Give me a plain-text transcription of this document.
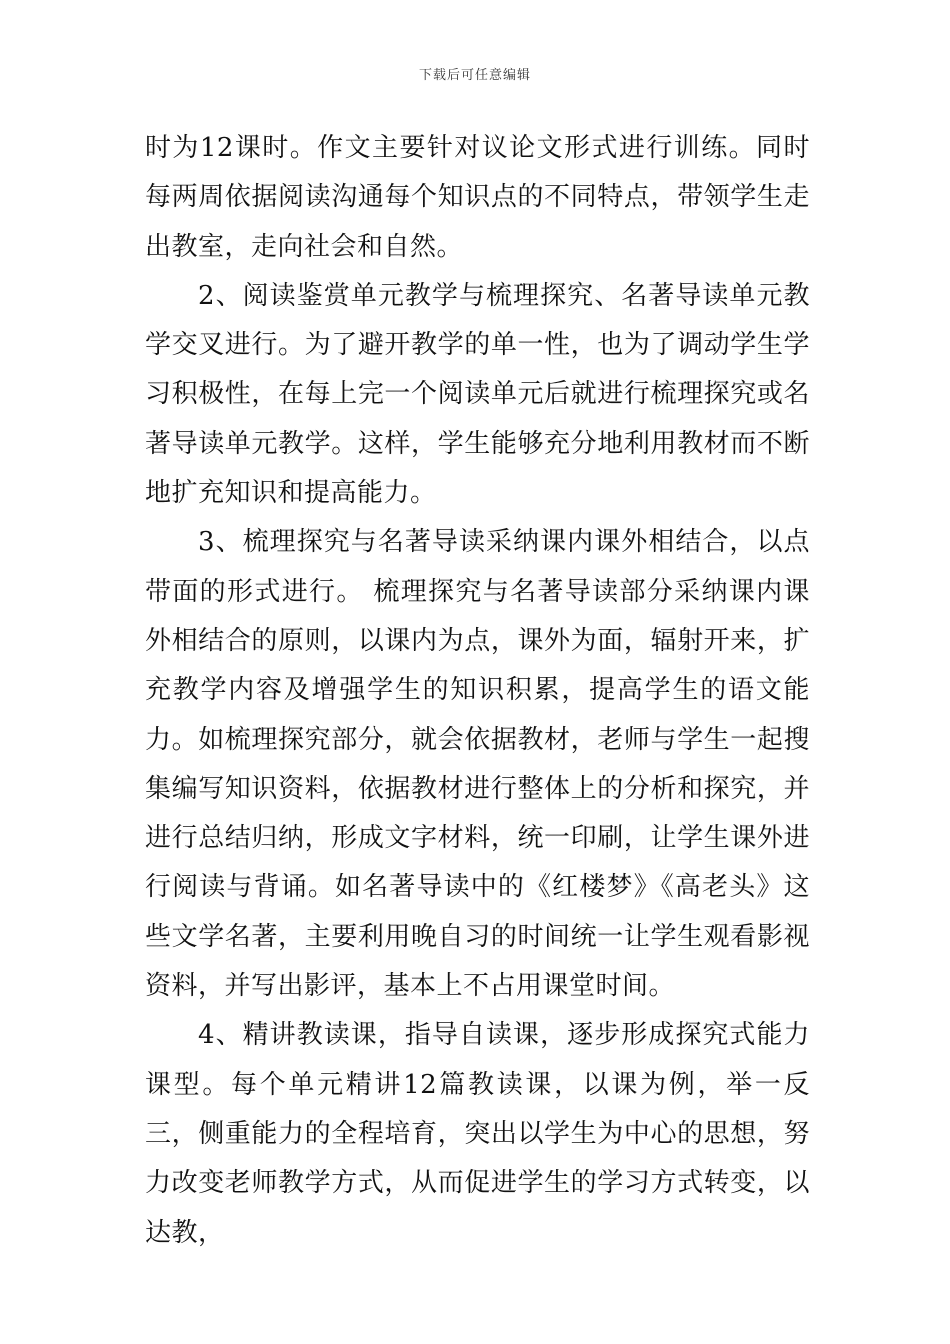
下载后可任意编辑

时为12课时。作文主要针对议论文形式进行训练。同时每两周依据阅读沟通每个知识点的不同特点，带领学生走出教室，走向社会和自然。

2、阅读鉴赏单元教学与梳理探究、名著导读单元教学交叉进行。为了避开教学的单一性，也为了调动学生学习积极性，在每上完一个阅读单元后就进行梳理探究或名著导读单元教学。这样，学生能够充分地利用教材而不断地扩充知识和提高能力。

3、梳理探究与名著导读采纳课内课外相结合，以点带面的形式进行。 梳理探究与名著导读部分采纳课内课外相结合的原则，以课内为点，课外为面，辐射开来，扩充教学内容及增强学生的知识积累，提高学生的语文能力。如梳理探究部分，就会依据教材，老师与学生一起搜集编写知识资料，依据教材进行整体上的分析和探究，并进行总结归纳，形成文字材料，统一印刷，让学生课外进行阅读与背诵。如名著导读中的《红楼梦》《高老头》这些文学名著，主要利用晚自习的时间统一让学生观看影视资料，并写出影评，基本上不占用课堂时间。

4、精讲教读课，指导自读课，逐步形成探究式能力课型。每个单元精讲12篇教读课，以课为例，举一反三，侧重能力的全程培育，突出以学生为中心的思想，努力改变老师教学方式，从而促进学生的学习方式转变，以达教，
